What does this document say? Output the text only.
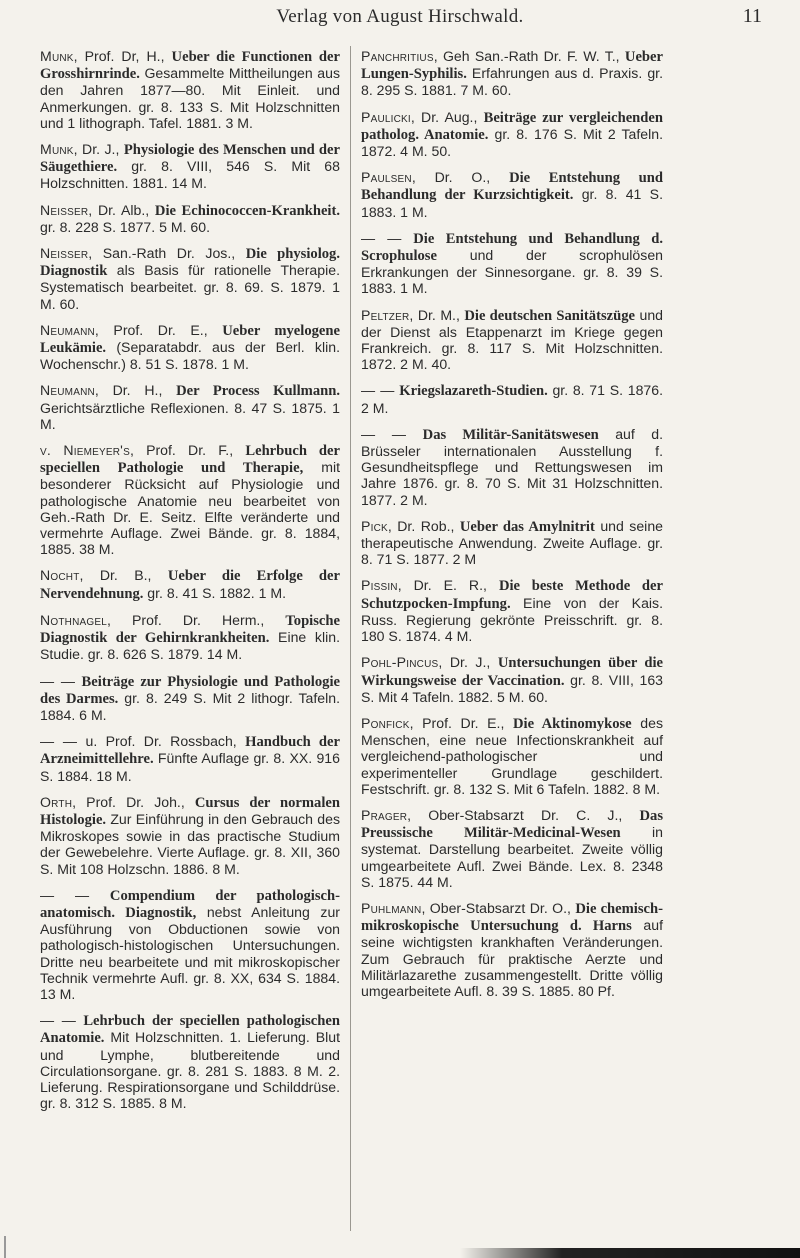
Verlag von August Hirschwald.	11
Munk, Prof. Dr, H., Ueber die Functionen der Grosshirnrinde. Gesammelte Mittheilungen aus den Jahren 1877—80. Mit Einleit. und Anmerkungen. gr. 8. 133 S. Mit Holzschnitten und 1 lithograph. Tafel. 1881. 3 M.
Munk, Dr. J., Physiologie des Menschen und der Säugethiere. gr. 8. VIII, 546 S. Mit 68 Holzschnitten. 1881. 14 M.
Neisser, Dr. Alb., Die Echinococcen-Krankheit. gr. 8. 228 S. 1877. 5 M. 60.
Neisser, San.-Rath Dr. Jos., Die physiolog. Diagnostik als Basis für rationelle Therapie. Systematisch bearbeitet. gr. 8. 69. S. 1879. 1 M. 60.
Neumann, Prof. Dr. E., Ueber myelogene Leukämie. (Separatabdr. aus der Berl. klin. Wochenschr.) 8. 51 S. 1878. 1 M.
Neumann, Dr. H., Der Process Kullmann. Gerichtsärztliche Reflexionen. 8. 47 S. 1875. 1 M.
v. Niemeyer's, Prof. Dr. F., Lehrbuch der speciellen Pathologie und Therapie, mit besonderer Rücksicht auf Physiologie und pathologische Anatomie neu bearbeitet von Geh.-Rath Dr. E. Seitz. Elfte veränderte und vermehrte Auflage. Zwei Bände. gr. 8. 1884, 1885. 38 M.
Nocht, Dr. B., Ueber die Erfolge der Nervendehnung. gr. 8. 41 S. 1882. 1 M.
Nothnagel, Prof. Dr. Herm., Topische Diagnostik der Gehirnkrankheiten. Eine klin. Studie. gr. 8. 626 S. 1879. 14 M.
— — Beiträge zur Physiologie und Pathologie des Darmes. gr. 8. 249 S. Mit 2 lithogr. Tafeln. 1884. 6 M.
— — u. Prof. Dr. Rossbach, Handbuch der Arzneimittellehre. Fünfte Auflage gr. 8. XX. 916 S. 1884. 18 M.
Orth, Prof. Dr. Joh., Cursus der normalen Histologie. Zur Einführung in den Gebrauch des Mikroskopes sowie in das practische Studium der Gewebelehre. Vierte Auflage. gr. 8. XII, 360 S. Mit 108 Holzschn. 1886. 8 M.
— — Compendium der pathologisch-anatomisch. Diagnostik, nebst Anleitung zur Ausführung von Obductionen sowie von pathologisch-histologischen Untersuchungen. Dritte neu bearbeitete und mit mikroskopischer Technik vermehrte Aufl. gr. 8. XX, 634 S. 1884. 13 M.
— — Lehrbuch der speciellen pathologischen Anatomie. Mit Holzschnitten. 1. Lieferung. Blut und Lymphe, blutbereitende und Circulationsorgane. gr. 8. 281 S. 1883. 8 M. 2. Lieferung. Respirationsorgane und Schilddrüse. gr. 8. 312 S. 1885. 8 M.
Panchritius, Geh San.-Rath Dr. F. W. T., Ueber Lungen-Syphilis. Erfahrungen aus d. Praxis. gr. 8. 295 S. 1881. 7 M. 60.
Paulicki, Dr. Aug., Beiträge zur vergleichenden patholog. Anatomie. gr. 8. 176 S. Mit 2 Tafeln. 1872. 4 M. 50.
Paulsen, Dr. O., Die Entstehung und Behandlung der Kurzsichtigkeit. gr. 8. 41 S. 1883. 1 M.
— — Die Entstehung und Behandlung d. Scrophulose und der scrophulösen Erkrankungen der Sinnesorgane. gr. 8. 39 S. 1883. 1 M.
Peltzer, Dr. M., Die deutschen Sanitätszüge und der Dienst als Etappenarzt im Kriege gegen Frankreich. gr. 8. 117 S. Mit Holzschnitten. 1872. 2 M. 40.
— — Kriegslazareth-Studien. gr. 8. 71 S. 1876. 2 M.
— — Das Militär-Sanitätswesen auf d. Brüsseler internationalen Ausstellung f. Gesundheitspflege und Rettungswesen im Jahre 1876. gr. 8. 70 S. Mit 31 Holzschnitten. 1877. 2 M.
Pick, Dr. Rob., Ueber das Amylnitrit und seine therapeutische Anwendung. Zweite Auflage. gr. 8. 71 S. 1877. 2 M
Pissin, Dr. E. R., Die beste Methode der Schutzpocken-Impfung. Eine von der Kais. Russ. Regierung gekrönte Preisschrift. gr. 8. 180 S. 1874. 4 M.
Pohl-Pincus, Dr. J., Untersuchungen über die Wirkungsweise der Vaccination. gr. 8. VIII, 163 S. Mit 4 Tafeln. 1882. 5 M. 60.
Ponfick, Prof. Dr. E., Die Aktinomykose des Menschen, eine neue Infectionskrankheit auf vergleichend-pathologischer und experimenteller Grundlage geschildert. Festschrift. gr. 8. 132 S. Mit 6 Tafeln. 1882. 8 M.
Prager, Ober-Stabsarzt Dr. C. J., Das Preussische Militär-Medicinal-Wesen in systemat. Darstellung bearbeitet. Zweite völlig umgearbeitete Aufl. Zwei Bände. Lex. 8. 2348 S. 1875. 44 M.
Puhlmann, Ober-Stabsarzt Dr. O., Die chemisch-mikroskopische Untersuchung d. Harns auf seine wichtigsten krankhaften Veränderungen. Zum Gebrauch für praktische Aerzte und Militärlazarethe zusammengestellt. Dritte völlig umgearbeitete Aufl. 8. 39 S. 1885. 80 Pf.
